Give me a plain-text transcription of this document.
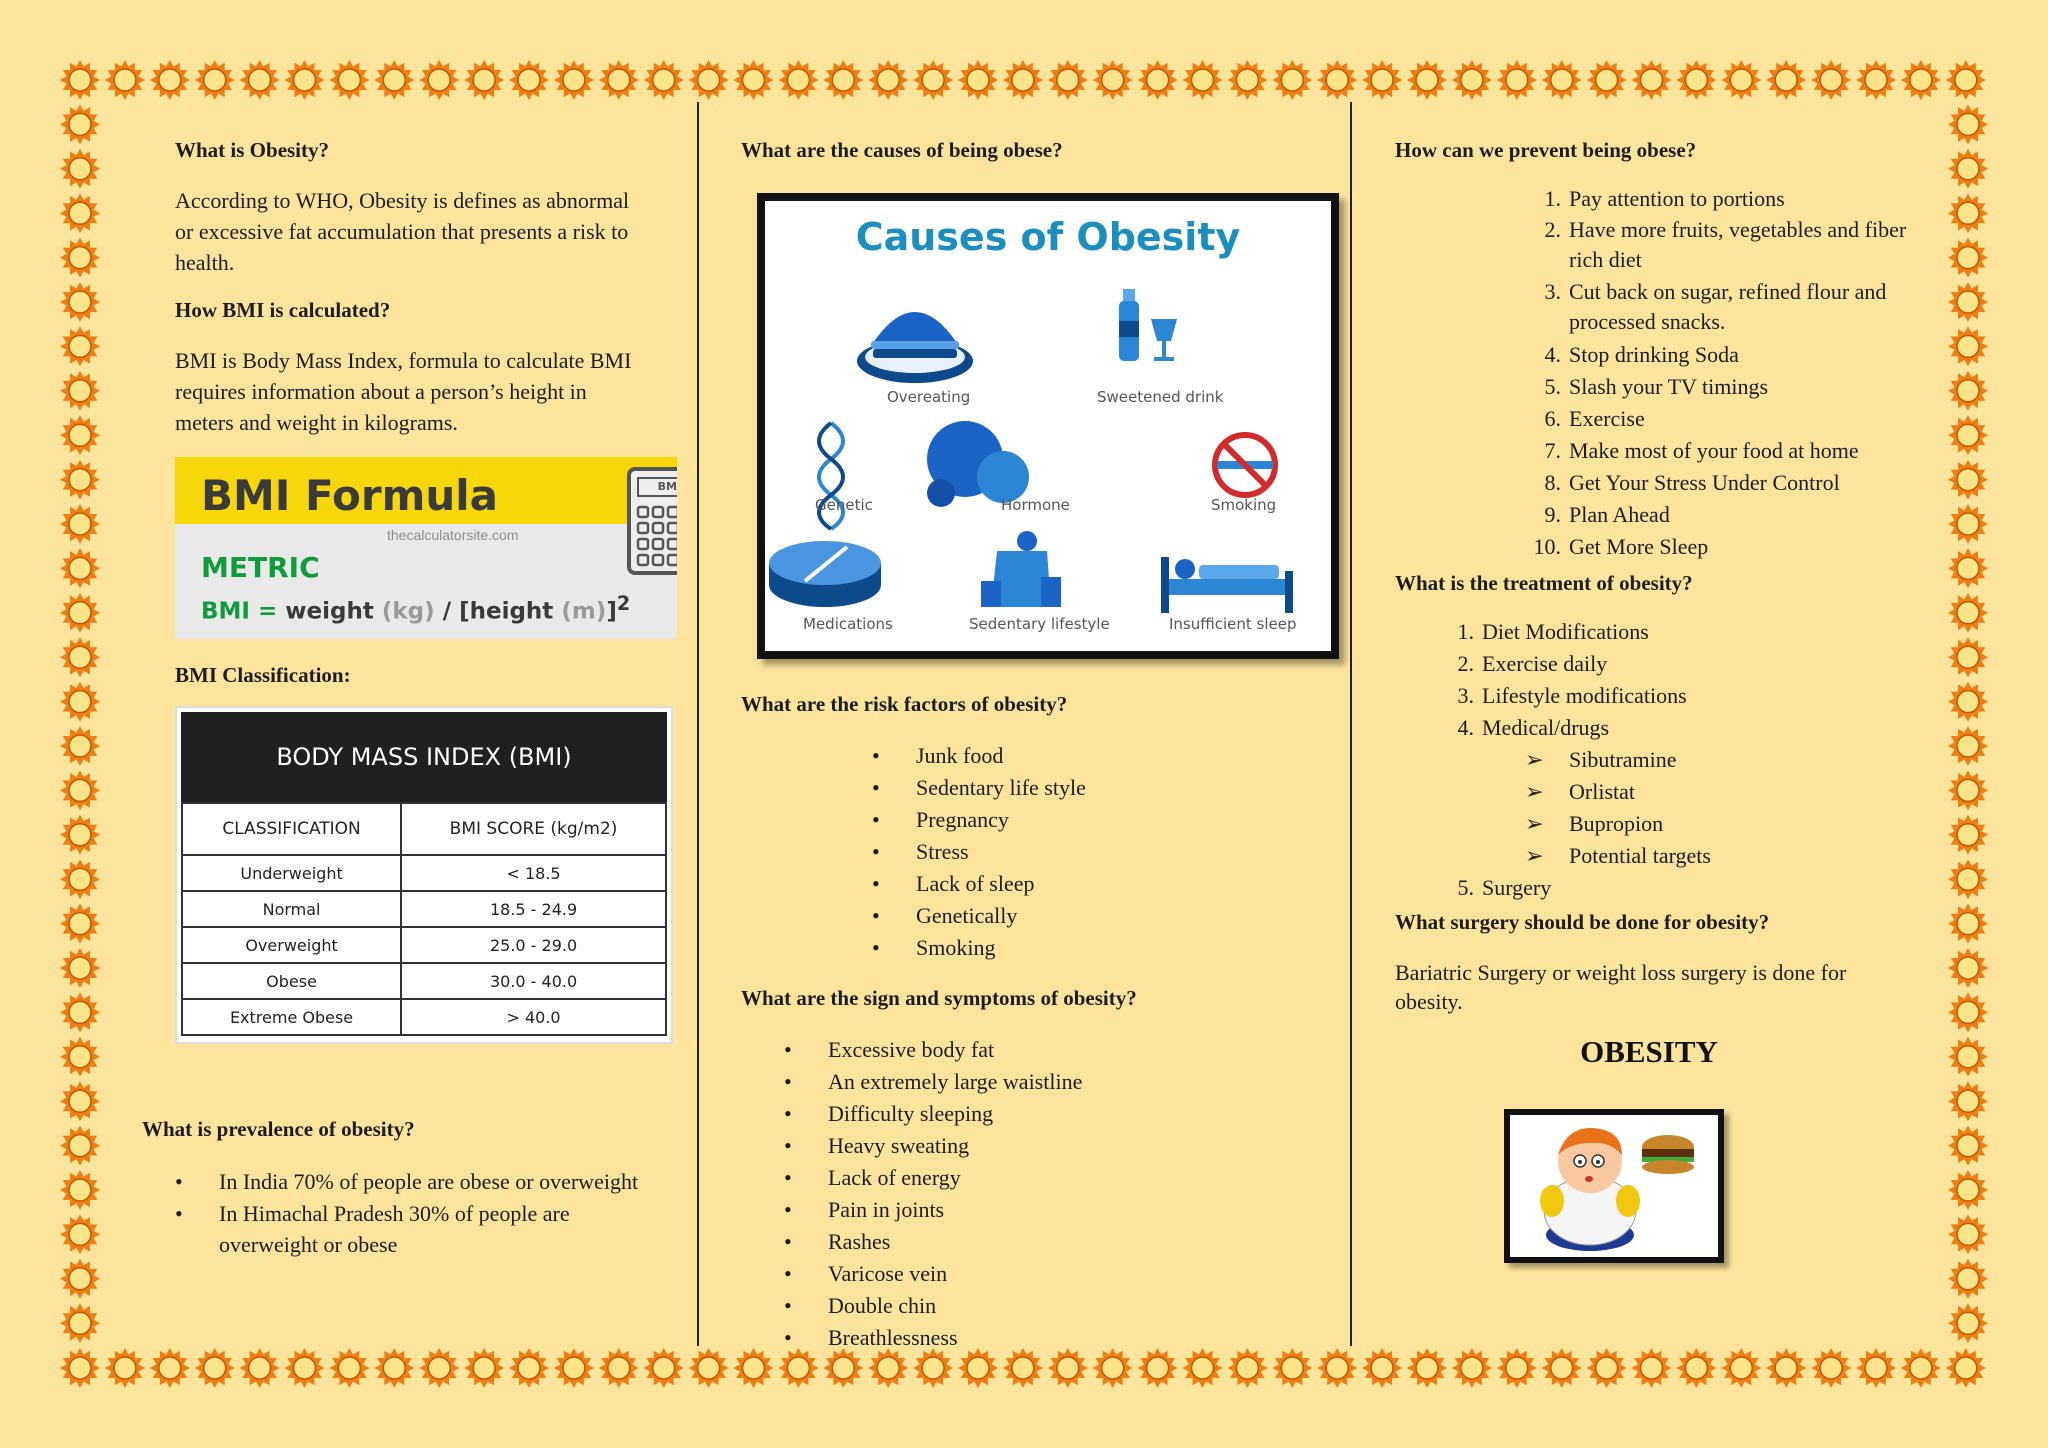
What is Obesity?
According to WHO, Obesity is defines as abnormal or excessive fat accumulation that presents a risk to health.
How BMI is calculated?
BMI is Body Mass Index, formula to calculate BMI requires information about a person’s height in meters and weight in kilograms.
BMI Formula
thecalculatorsite.com
METRIC
BMI = weight (kg) / [height (m)]$^2$
BM
BMI Classification:
BODY MASS INDEX (BMI)
CLASSIFICATION	BMI SCORE (kg/m2)
Underweight	< 18.5
Normal	18.5 - 24.9
Overweight	25.0 - 29.0
Obese	30.0 - 40.0
Extreme Obese	> 40.0
What is prevalence of obesity?
• In India 70% of people are obese or overweight
• In Himachal Pradesh 30% of people are overweight or obese
What are the causes of being obese?
Causes of Obesity
Overeating	Sweetened drink
Genetic	Hormone	Smoking
Medications	Sedentary lifestyle	Insufficient sleep
What are the risk factors of obesity?
• Junk food
• Sedentary life style
• Pregnancy
• Stress
• Lack of sleep
• Genetically
• Smoking
What are the sign and symptoms of obesity?
• Excessive body fat
• An extremely large waistline
• Difficulty sleeping
• Heavy sweating
• Lack of energy
• Pain in joints
• Rashes
• Varicose vein
• Double chin
• Breathlessness
How can we prevent being obese?
1. Pay attention to portions
2. Have more fruits, vegetables and fiber rich diet
3. Cut back on sugar, refined flour and processed snacks.
4. Stop drinking Soda
5. Slash your TV timings
6. Exercise
7. Make most of your food at home
8. Get Your Stress Under Control
9. Plan Ahead
10. Get More Sleep
What is the treatment of obesity?
1. Diet Modifications
2. Exercise daily
3. Lifestyle modifications
4. Medical/drugs
➢ Sibutramine
➢ Orlistat
➢ Bupropion
➢ Potential targets
5. Surgery
What surgery should be done for obesity?
Bariatric Surgery or weight loss surgery is done for obesity.
OBESITY
